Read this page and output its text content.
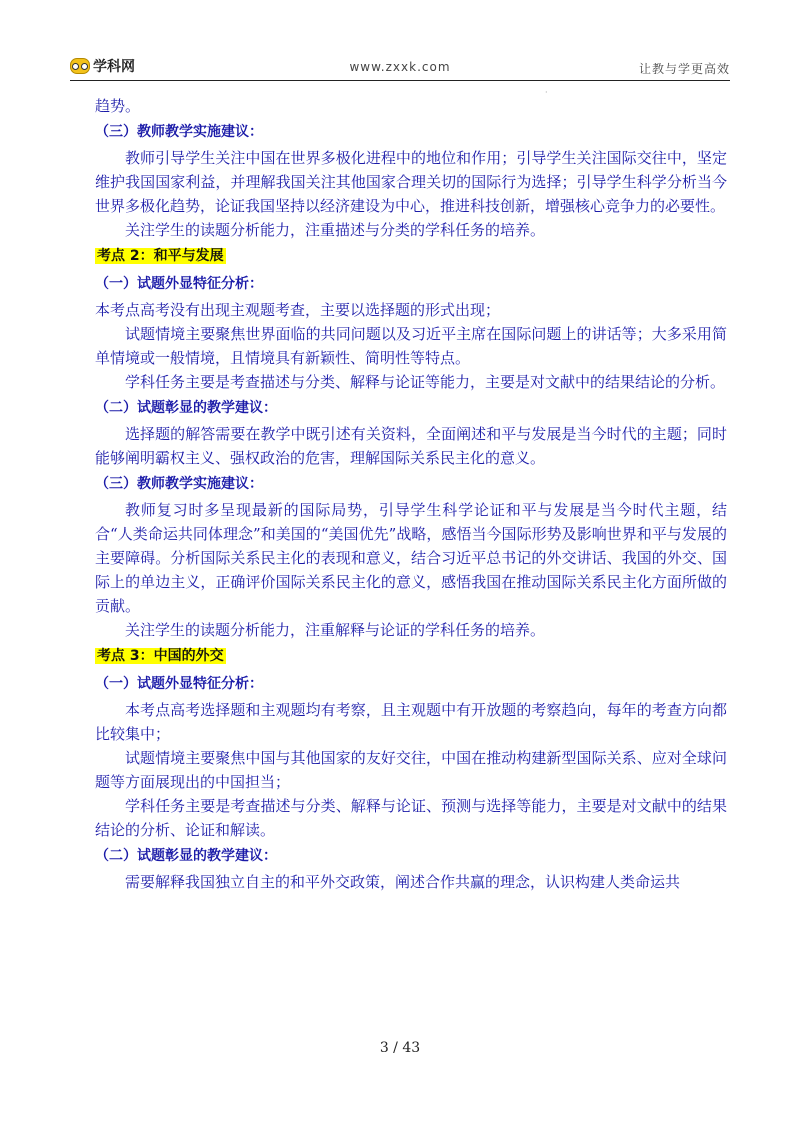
学科网	www.zxxk.com	让教与学更高效
·

趋势。

（三）教师教学实施建议：

教师引导学生关注中国在世界多极化进程中的地位和作用；引导学生关注国际交往中，坚定维护我国国家利益，并理解我国关注其他国家合理关切的国际行为选择；引导学生科学分析当今世界多极化趋势，论证我国坚持以经济建设为中心，推进科技创新，增强核心竞争力的必要性。

关注学生的读题分析能力，注重描述与分类的学科任务的培养。

考点 2：和平与发展

（一）试题外显特征分析：

本考点高考没有出现主观题考查，主要以选择题的形式出现；

试题情境主要聚焦世界面临的共同问题以及习近平主席在国际问题上的讲话等；大多采用简单情境或一般情境，且情境具有新颖性、简明性等特点。

学科任务主要是考查描述与分类、解释与论证等能力，主要是对文献中的结果结论的分析。

（二）试题彰显的教学建议：

选择题的解答需要在教学中既引述有关资料，全面阐述和平与发展是当今时代的主题；同时能够阐明霸权主义、强权政治的危害，理解国际关系民主化的意义。

（三）教师教学实施建议：

教师复习时多呈现最新的国际局势，引导学生科学论证和平与发展是当今时代主题，结合“人类命运共同体理念”和美国的“美国优先”战略，感悟当今国际形势及影响世界和平与发展的主要障碍。分析国际关系民主化的表现和意义，结合习近平总书记的外交讲话、我国的外交、国际上的单边主义，正确评价国际关系民主化的意义，感悟我国在推动国际关系民主化方面所做的贡献。

关注学生的读题分析能力，注重解释与论证的学科任务的培养。

考点 3：中国的外交

（一）试题外显特征分析：

本考点高考选择题和主观题均有考察，且主观题中有开放题的考察趋向，每年的考查方向都比较集中；

试题情境主要聚焦中国与其他国家的友好交往，中国在推动构建新型国际关系、应对全球问题等方面展现出的中国担当；

学科任务主要是考查描述与分类、解释与论证、预测与选择等能力，主要是对文献中的结果结论的分析、论证和解读。

（二）试题彰显的教学建议：

需要解释我国独立自主的和平外交政策，阐述合作共赢的理念，认识构建人类命运共

3 / 43
